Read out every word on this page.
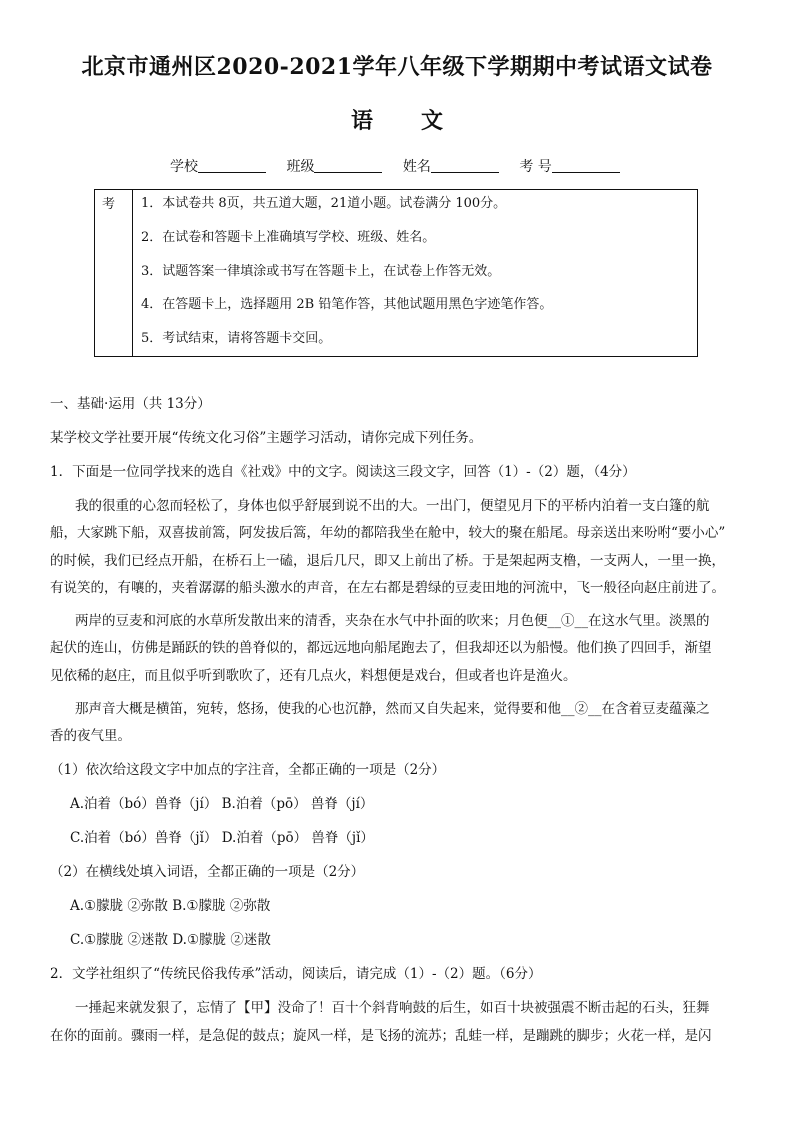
北京市通州区2020-2021学年八年级下学期期中考试语文试卷
语 文
学校	班级	姓名	考 号
考 1．本试卷共 8页，共五道大题，21道小题。试卷满分 100分。
2．在试卷和答题卡上准确填写学校、班级、姓名。
3．试题答案一律填涂或书写在答题卡上，在试卷上作答无效。
4．在答题卡上，选择题用 2B 铅笔作答，其他试题用黑色字迹笔作答。
5．考试结束，请将答题卡交回。
一、基础·运用（共 13分）
某学校文学社要开展“传统文化习俗”主题学习活动，请你完成下列任务。
1．下面是一位同学找来的选自《社戏》中的文字。阅读这三段文字，回答（1）-（2）题，（4分）
我的很重的心忽而轻松了，身体也似乎舒展到说不出的大。一出门，便望见月下的平桥内泊着一支白篷的航
船，大家跳下船，双喜拔前篙，阿发拔后篙，年幼的都陪我坐在舱中，较大的聚在船尾。母亲送出来吩咐“要小心”
的时候，我们已经点开船，在桥石上一磕，退后几尺，即又上前出了桥。于是架起两支橹，一支两人，一里一换，
有说笑的，有嚷的，夹着潺潺的船头激水的声音，在左右都是碧绿的豆麦田地的河流中，飞一般径向赵庄前进了。
两岸的豆麦和河底的水草所发散出来的清香，夹杂在水气中扑面的吹来；月色便__①__在这水气里。淡黑的
起伏的连山，仿佛是踊跃的铁的兽脊似的，都远远地向船尾跑去了，但我却还以为船慢。他们换了四回手，渐望
见依稀的赵庄，而且似乎听到歌吹了，还有几点火，料想便是戏台，但或者也许是渔火。
那声音大概是横笛，宛转，悠扬，使我的心也沉静，然而又自失起来，觉得要和他__②__在含着豆麦蕴藻之
香的夜气里。
（1）依次给这段文字中加点的字注音，全都正确的一项是（2分）
A.泊着（bó）兽脊（jí） B.泊着（pō） 兽脊（jí）
C.泊着（bó）兽脊（jǐ） D.泊着（pō） 兽脊（jǐ）
（2）在横线处填入词语，全都正确的一项是（2分）
A.①朦胧 ②弥散 B.①朦胧 ②弥散
C.①朦胧 ②迷散 D.①朦胧 ②迷散
2．文学社组织了“传统民俗我传承”活动，阅读后，请完成（1）-（2）题。（6分）
一捶起来就发狠了，忘情了【甲】没命了！百十个斜背响鼓的后生，如百十块被强震不断击起的石头，狂舞
在你的面前。骤雨一样，是急促的鼓点；旋风一样，是飞扬的流苏；乱蛙一样，是蹦跳的脚步；火花一样，是闪
